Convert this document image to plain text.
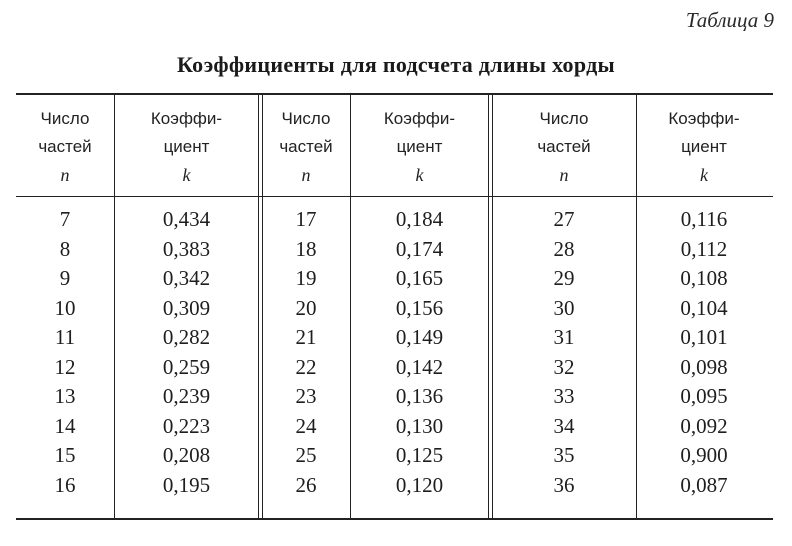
Таблица 9
Коэффициенты для подсчета длины хорды
Число
частей
n
Коэффи-
циент
k
Число
частей
n
Коэффи-
циент
k
Число
частей
n
Коэффи-
циент
k
7
8
9
10
11
12
13
14
15
16
0,434
0,383
0,342
0,309
0,282
0,259
0,239
0,223
0,208
0,195
17
18
19
20
21
22
23
24
25
26
0,184
0,174
0,165
0,156
0,149
0,142
0,136
0,130
0,125
0,120
27
28
29
30
31
32
33
34
35
36
0,116
0,112
0,108
0,104
0,101
0,098
0,095
0,092
0,900
0,087
